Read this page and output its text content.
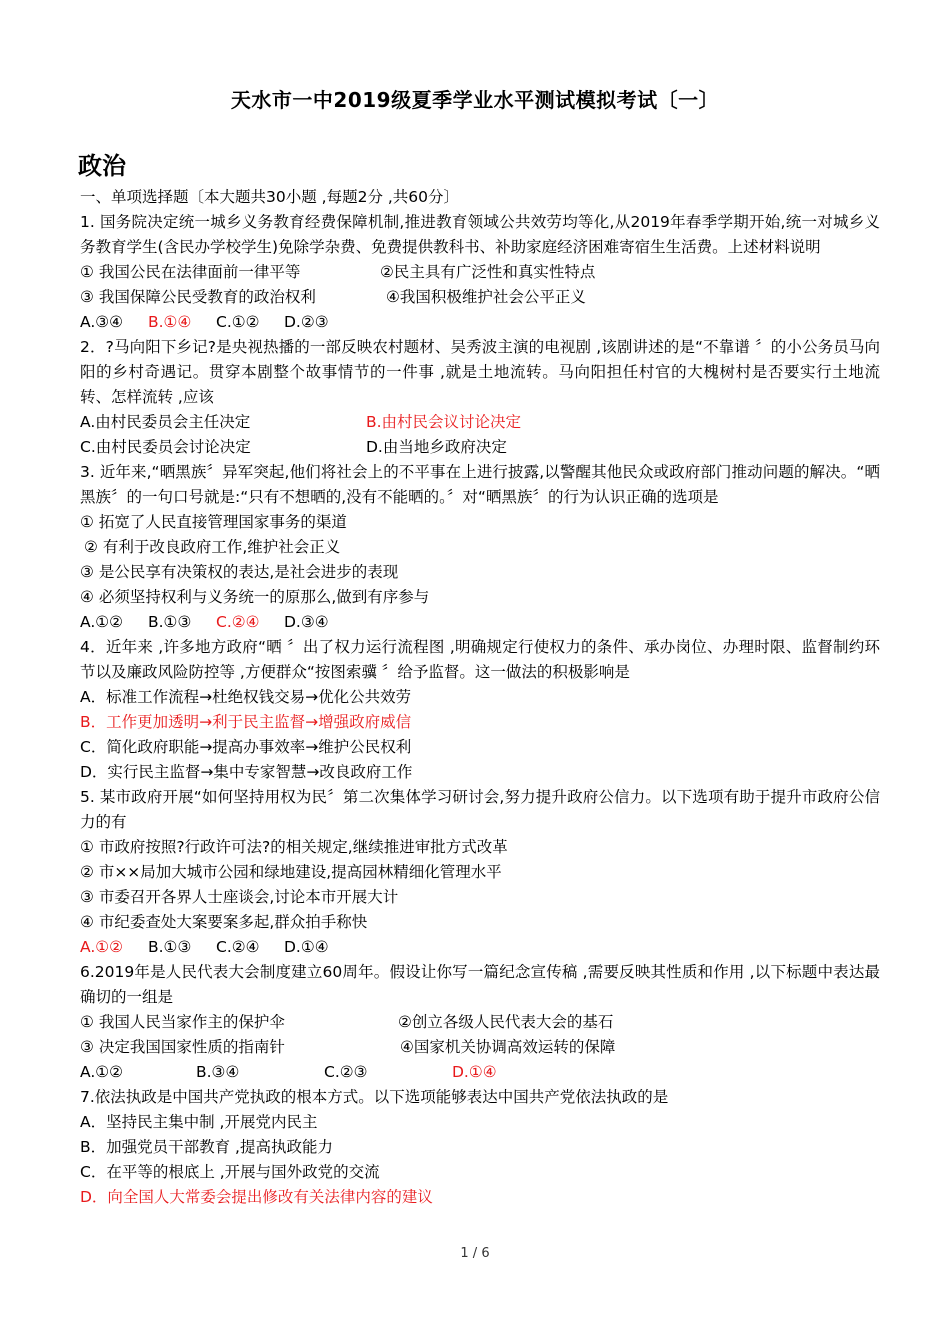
天水市一中2019级夏季学业水平测试模拟考试〔一〕
政治
一、单项选择题〔本大题共30小题 ,每题2分 ,共60分〕
1. 国务院决定统一城乡义务教育经费保障机制,推进教育领域公共效劳均等化,从2019年春季学期开始,统一对城乡义务教育学生(含民办学校学生)免除学杂费、免费提供教科书、补助家庭经济困难寄宿生生活费。上述材料说明
① 我国公民在法律面前一律平等	②民主具有广泛性和真实性特点
③ 我国保障公民受教育的政治权利	④我国积极维护社会公平正义
A.③④ B.①④ C.①② D.②③
2．?马向阳下乡记?是央视热播的一部反映农村题材、吴秀波主演的电视剧 ,该剧讲述的是“不靠谱 〞的小公务员马向阳的乡村奇遇记。贯穿本剧整个故事情节的一件事 ,就是土地流转。马向阳担任村官的大槐树村是否要实行土地流转、怎样流转 ,应该
A.由村民委员会主任决定	B.由村民会议讨论决定
C.由村民委员会讨论决定	D.由当地乡政府决定
3. 近年来,“晒黑族〞异军突起,他们将社会上的不平事在上进行披露,以警醒其他民众或政府部门推动问题的解决。“晒黑族〞的一句口号就是:“只有不想晒的,没有不能晒的。〞对“晒黑族〞的行为认识正确的选项是
① 拓宽了人民直接管理国家事务的渠道
② 有利于改良政府工作,维护社会正义
③ 是公民享有决策权的表达,是社会进步的表现
④ 必须坚持权利与义务统一的原那么,做到有序参与
A.①② B.①③ C.②④ D.③④
4．近年来 ,许多地方政府“晒 〞出了权力运行流程图 ,明确规定行使权力的条件、承办岗位、办理时限、监督制约环节以及廉政风险防控等 ,方便群众“按图索骥 〞给予监督。这一做法的积极影响是
A．标准工作流程→杜绝权钱交易→优化公共效劳
B．工作更加透明→利于民主监督→增强政府威信
C．简化政府职能→提高办事效率→维护公民权利
D．实行民主监督→集中专家智慧→改良政府工作
5. 某市政府开展“如何坚持用权为民〞第二次集体学习研讨会,努力提升政府公信力。以下选项有助于提升市政府公信力的有
① 市政府按照?行政许可法?的相关规定,继续推进审批方式改革
② 市××局加大城市公园和绿地建设,提高园林精细化管理水平
③ 市委召开各界人士座谈会,讨论本市开展大计
④ 市纪委查处大案要案多起,群众拍手称快
A.①② B.①③ C.②④ D.①④
6.2019年是人民代表大会制度建立60周年。假设让你写一篇纪念宣传稿 ,需要反映其性质和作用 ,以下标题中表达最确切的一组是
① 我国人民当家作主的保护伞	②创立各级人民代表大会的基石
③ 决定我国国家性质的指南针	④国家机关协调高效运转的保障
A.①②	B.③④	C.②③	D.①④
7.依法执政是中国共产党执政的根本方式。以下选项能够表达中国共产党依法执政的是
A．坚持民主集中制 ,开展党内民主
B．加强党员干部教育 ,提高执政能力
C．在平等的根底上 ,开展与国外政党的交流
D．向全国人大常委会提出修改有关法律内容的建议
1 / 6
